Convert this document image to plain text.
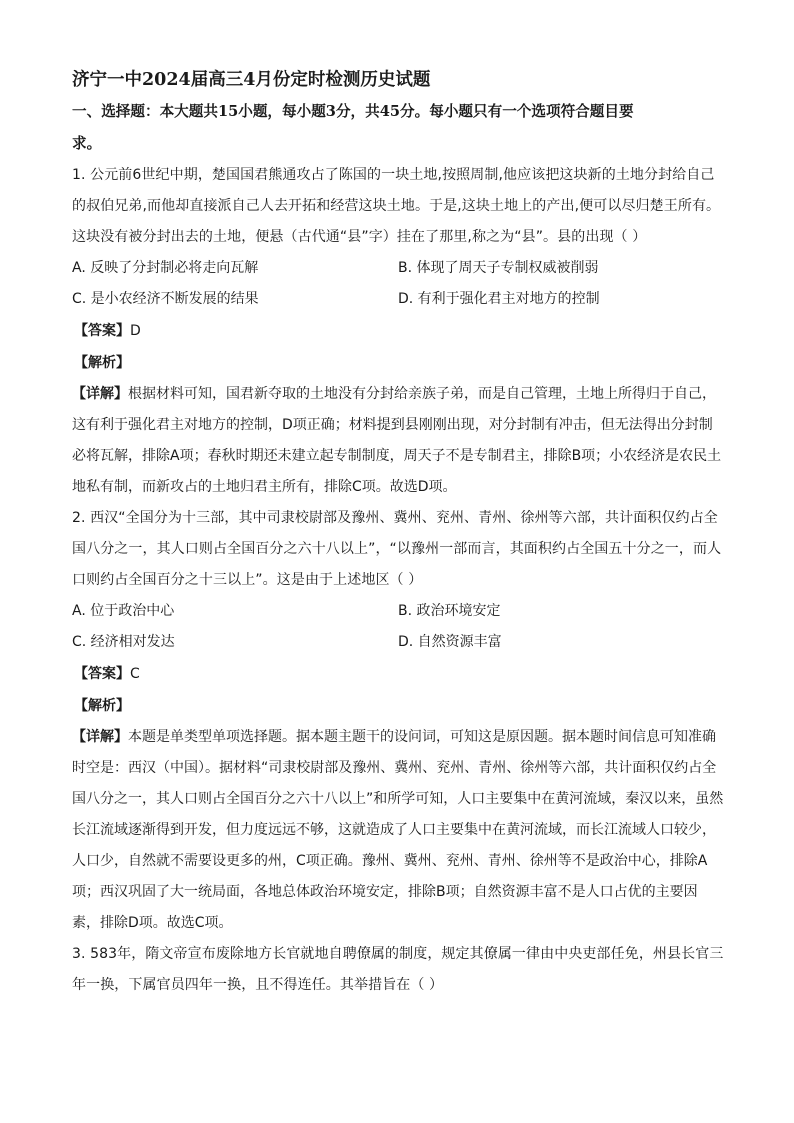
济宁一中2024届高三4月份定时检测历史试题

一、选择题：本大题共15小题，每小题3分，共45分。每小题只有一个选项符合题目要
求。

1. 公元前6世纪中期，楚国国君熊通攻占了陈国的一块土地,按照周制,他应该把这块新的土地分封给自己的叔伯兄弟,而他却直接派自己人去开拓和经营这块土地。于是,这块土地上的产出,便可以尽归楚王所有。这块没有被分封出去的土地，便悬（古代通“县”字）挂在了那里,称之为“县”。县的出现（ ）

A. 反映了分封制必将走向瓦解	B. 体现了周天子专制权威被削弱
C. 是小农经济不断发展的结果	D. 有利于强化君主对地方的控制

【答案】D

【解析】

【详解】根据材料可知，国君新夺取的土地没有分封给亲族子弟，而是自己管理，土地上所得归于自己，这有利于强化君主对地方的控制，D项正确；材料提到县刚刚出现，对分封制有冲击，但无法得出分封制必将瓦解，排除A项；春秋时期还未建立起专制制度，周天子不是专制君主，排除B项；小农经济是农民土地私有制，而新攻占的土地归君主所有，排除C项。故选D项。

2. 西汉“全国分为十三部，其中司隶校尉部及豫州、冀州、兖州、青州、徐州等六部，共计面积仅约占全国八分之一，其人口则占全国百分之六十八以上”，“以豫州一部而言，其面积约占全国五十分之一，而人口则约占全国百分之十三以上”。这是由于上述地区（ ）

A. 位于政治中心	B. 政治环境安定
C. 经济相对发达	D. 自然资源丰富

【答案】C

【解析】

【详解】本题是单类型单项选择题。据本题主题干的设问词，可知这是原因题。据本题时间信息可知准确时空是：西汉（中国）。据材料“司隶校尉部及豫州、冀州、兖州、青州、徐州等六部，共计面积仅约占全国八分之一，其人口则占全国百分之六十八以上”和所学可知，人口主要集中在黄河流域，秦汉以来，虽然长江流域逐渐得到开发，但力度远远不够，这就造成了人口主要集中在黄河流域，而长江流域人口较少，人口少，自然就不需要设更多的州，C项正确。豫州、冀州、兖州、青州、徐州等不是政治中心，排除A项；西汉巩固了大一统局面，各地总体政治环境安定，排除B项；自然资源丰富不是人口占优的主要因素，排除D项。故选C项。

3. 583年，隋文帝宣布废除地方长官就地自聘僚属的制度，规定其僚属一律由中央吏部任免，州县长官三年一换，下属官员四年一换，且不得连任。其举措旨在（ ）
